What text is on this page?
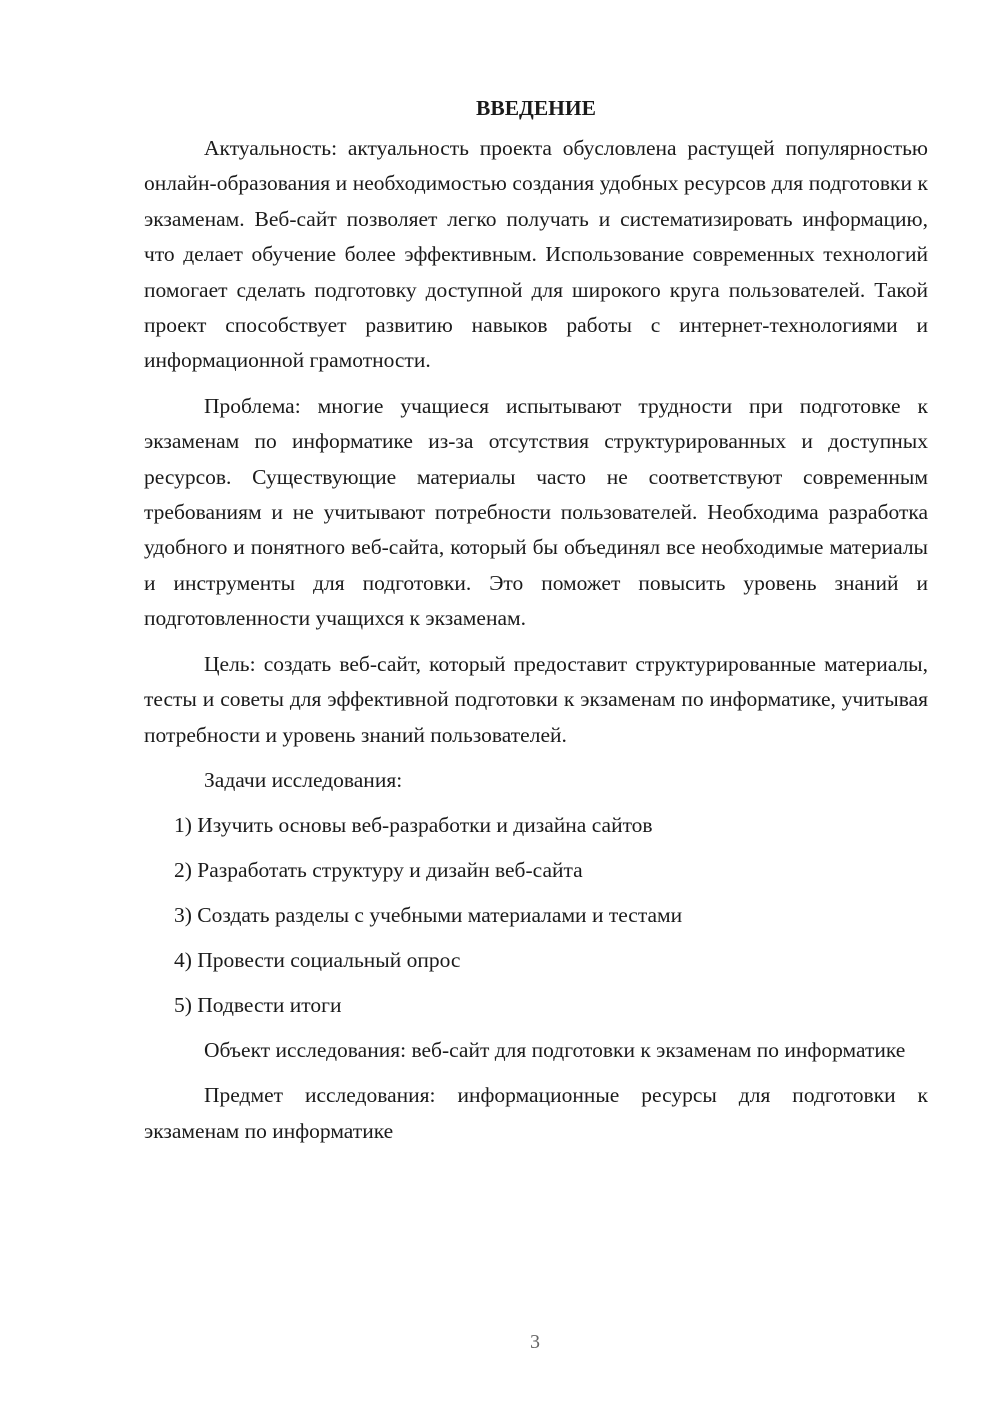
ВВЕДЕНИЕ

Актуальность: актуальность проекта обусловлена растущей популярностью онлайн-образования и необходимостью создания удобных ресурсов для подготовки к экзаменам. Веб-сайт позволяет легко получать и систематизировать информацию, что делает обучение более эффективным. Использование современных технологий помогает сделать подготовку доступной для широкого круга пользователей. Такой проект способствует развитию навыков работы с интернет-технологиями и информационной грамотности.

Проблема: многие учащиеся испытывают трудности при подготовке к экзаменам по информатике из-за отсутствия структурированных и доступных ресурсов. Существующие материалы часто не соответствуют современным требованиям и не учитывают потребности пользователей. Необходима разработка удобного и понятного веб-сайта, который бы объединял все необходимые материалы и инструменты для подготовки. Это поможет повысить уровень знаний и подготовленности учащихся к экзаменам.

Цель: создать веб-сайт, который предоставит структурированные материалы, тесты и советы для эффективной подготовки к экзаменам по информатике, учитывая потребности и уровень знаний пользователей.

Задачи исследования:

1) Изучить основы веб-разработки и дизайна сайтов

2) Разработать структуру и дизайн веб-сайта

3) Создать разделы с учебными материалами и тестами

4) Провести социальный опрос

5) Подвести итоги

Объект исследования: веб-сайт для подготовки к экзаменам по информатике

Предмет исследования: информационные ресурсы для подготовки к экзаменам по информатике

3
